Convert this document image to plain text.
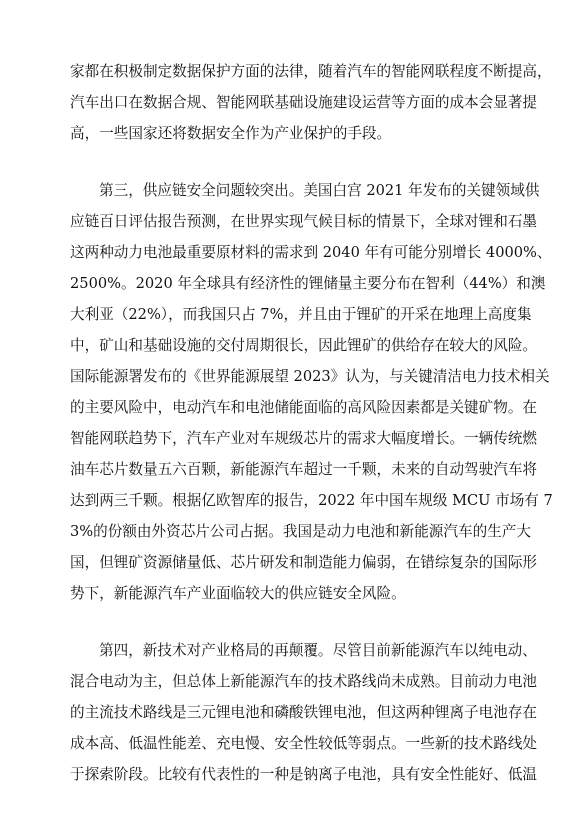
家都在积极制定数据保护方面的法律，随着汽车的智能网联程度不断提高，
汽车出口在数据合规、智能网联基础设施建设运营等方面的成本会显著提
高，一些国家还将数据安全作为产业保护的手段。
第三，供应链安全问题较突出。美国白宫 2021 年发布的关键领域供
应链百日评估报告预测，在世界实现气候目标的情景下，全球对锂和石墨
这两种动力电池最重要原材料的需求到 2040 年有可能分别增长 4000%、
2500%。2020 年全球具有经济性的锂储量主要分布在智利（44%）和澳
大利亚（22%），而我国只占 7%，并且由于锂矿的开采在地理上高度集
中，矿山和基础设施的交付周期很长，因此锂矿的供给存在较大的风险。
国际能源署发布的《世界能源展望 2023》认为，与关键清洁电力技术相关
的主要风险中，电动汽车和电池储能面临的高风险因素都是关键矿物。在
智能网联趋势下，汽车产业对车规级芯片的需求大幅度增长。一辆传统燃
油车芯片数量五六百颗，新能源汽车超过一千颗，未来的自动驾驶汽车将
达到两三千颗。根据亿欧智库的报告，2022 年中国车规级 MCU 市场有 7
3%的份额由外资芯片公司占据。我国是动力电池和新能源汽车的生产大
国，但锂矿资源储量低、芯片研发和制造能力偏弱，在错综复杂的国际形
势下，新能源汽车产业面临较大的供应链安全风险。
第四，新技术对产业格局的再颠覆。尽管目前新能源汽车以纯电动、
混合电动为主，但总体上新能源汽车的技术路线尚未成熟。目前动力电池
的主流技术路线是三元锂电池和磷酸铁锂电池，但这两种锂离子电池存在
成本高、低温性能差、充电慢、安全性较低等弱点。一些新的技术路线处
于探索阶段。比较有代表性的一种是钠离子电池，具有安全性能好、低温
